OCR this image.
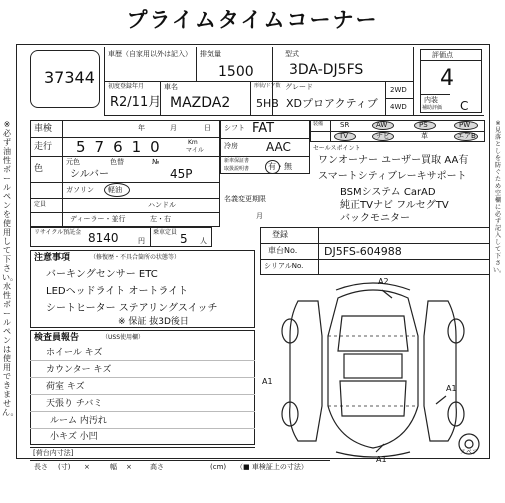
プライムタイムコーナー
※必ず油性ボールペンを使用して下さい。水性ボールペンは使用できません。
※見落としを防ぐため空欄に必ず記入して下さい。
37344
車歴（自家用以外は記入） 排気量
1500
型式
3DA-DJ5FS
初度登録年月
R2/11月
車名
MAZDA2
形状/ドア数
5HB
グレード
XDプロアクティブ
2WD
4WD
評価点
4
内装
補助評価 C
車検	年	月	日
走行 57610	Km
マイル
色
元色	色替
シルバー
№
45P
ガソリン 軽油
定員	ハンドル
ディーラー・並行	左・右
シフト FAT
冷房 AAC
新車保証書
取扱説明書 有・無
名義変更期限
月
リサイクル預託金 8140	円
乗車定員 5 人
登録
車台No. DJ5FS-604988
シリアルNo.
装備 SR	AW	PS	PW
TV	ナビ	革	エアB
セールスポイント
ワンオーナー ユーザー買取 AA有
スマートシティブレーキサポート
BSMシステム CarAD
純正TVナビ フルセグTV
バックモニター
注意事項	（修復歴・不具合箇所の状態等）
バーキングセンサー ETC
LEDヘッドライト オートライト
シートヒーター ステアリングスイッチ
※ 保証 抜3D後日
検査員報告	（USS使用欄）
ホイール キズ
カウンター キズ
荷室 キズ
天張り チバミ
ルーム 内汚れ
小キズ 小凹
A2
A1
A1
A1
スペア
[荷台内寸法]
長さ (寸) ×	幅 ×	高さ	(cm) （■ 車検証上の寸法）
